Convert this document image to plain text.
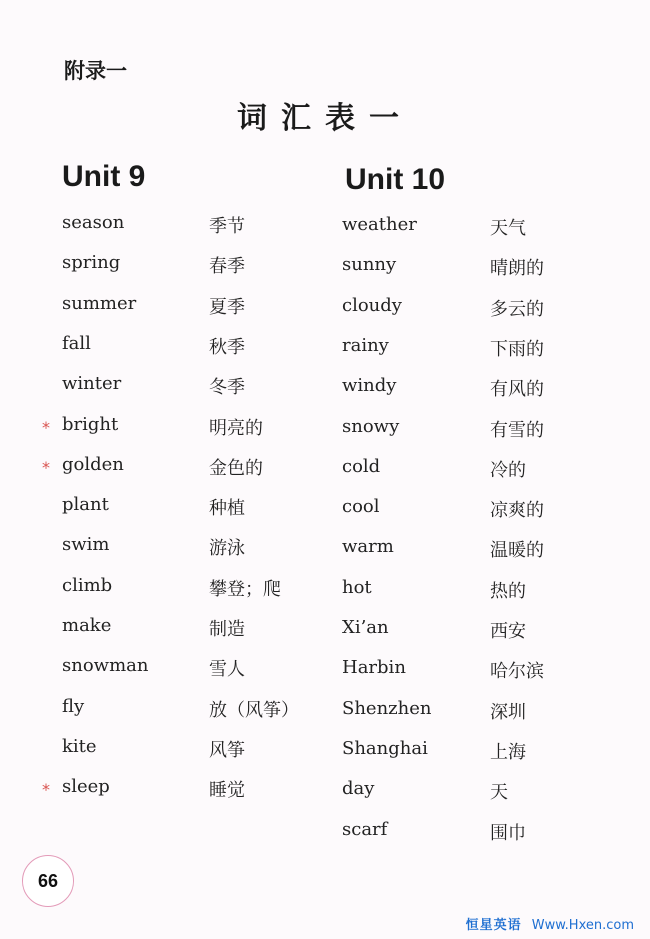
附录一
词汇表一
Unit 9	Unit 10
season	季节
spring	春季
summer	夏季
fall	秋季
winter	冬季
* bright	明亮的
* golden	金色的
plant	种植
swim	游泳
climb	攀登；爬
make	制造
snowman	雪人
fly	放（风筝）
kite	风筝
* sleep	睡觉
weather	天气
sunny	晴朗的
cloudy	多云的
rainy	下雨的
windy	有风的
snowy	有雪的
cold	冷的
cool	凉爽的
warm	温暖的
hot	热的
Xi’an	西安
Harbin	哈尔滨
Shenzhen	深圳
Shanghai	上海
day	天
scarf	围巾
66
恒星英语 Www.Hxen.com
